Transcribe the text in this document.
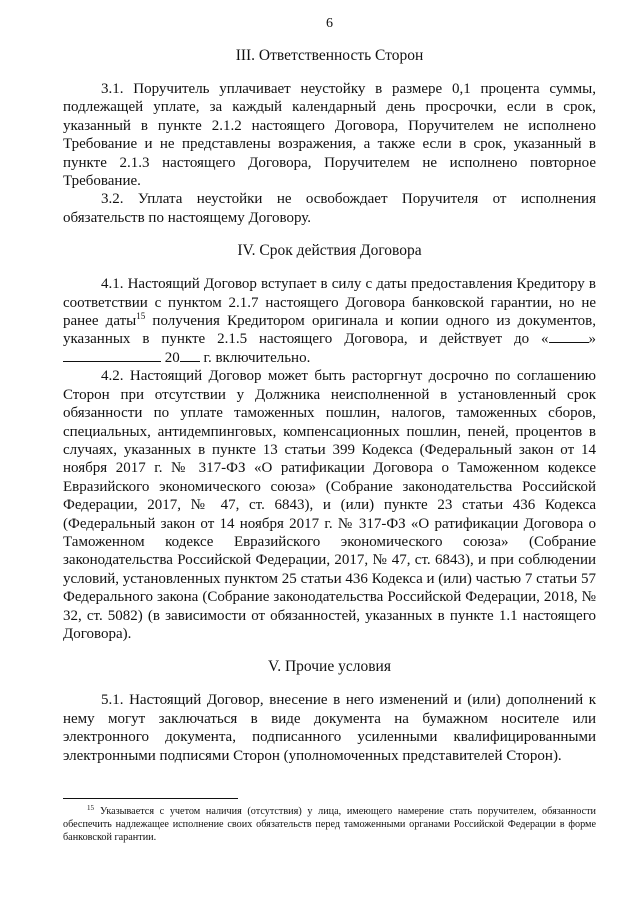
6
III. Ответственность Сторон

3.1. Поручитель уплачивает неустойку в размере 0,1 процента суммы, подлежащей уплате, за каждый календарный день просрочки, если в срок, указанный в пункте 2.1.2 настоящего Договора, Поручителем не исполнено Требование и не представлены возражения, а также если в срок, указанный в пункте 2.1.3 настоящего Договора, Поручителем не исполнено повторное Требование.

3.2. Уплата неустойки не освобождает Поручителя от исполнения обязательств по настоящему Договору.

IV. Срок действия Договора

4.1. Настоящий Договор вступает в силу с даты предоставления Кредитору в соответствии с пунктом 2.1.7 настоящего Договора банковской гарантии, но не ранее даты$^{15}$ получения Кредитором оригинала и копии одного из документов, указанных в пункте 2.1.5 настоящего Договора, и действует до «	»  20 г. включительно.

4.2. Настоящий Договор может быть расторгнут досрочно по соглашению Сторон при отсутствии у Должника неисполненной в установленный срок обязанности по уплате таможенных пошлин, налогов, таможенных сборов, специальных, антидемпинговых, компенсационных пошлин, пеней, процентов в случаях, указанных в пункте 13 статьи 399 Кодекса (Федеральный закон от 14 ноября 2017 г. № 317-ФЗ «О ратификации Договора о Таможенном кодексе Евразийского экономического союза» (Собрание законодательства Российской Федерации, 2017, № 47, ст. 6843), и (или) пункте 23 статьи 436 Кодекса (Федеральный закон от 14 ноября 2017 г. № 317-ФЗ «О ратификации Договора о Таможенном кодексе Евразийского экономического союза» (Собрание законодательства Российской Федерации, 2017, № 47, ст. 6843), и при соблюдении условий, установленных пунктом 25 статьи 436 Кодекса и (или) частью 7 статьи 57 Федерального закона (Собрание законодательства Российской Федерации, 2018, № 32, ст. 5082) (в зависимости от обязанностей, указанных в пункте 1.1 настоящего Договора).

V. Прочие условия

5.1. Настоящий Договор, внесение в него изменений и (или) дополнений к нему могут заключаться в виде документа на бумажном носителе или электронного документа, подписанного усиленными квалифицированными электронными подписями Сторон (уполномоченных представителей Сторон).

$^{15}$ Указывается с учетом наличия (отсутствия) у лица, имеющего намерение стать поручителем, обязанности обеспечить надлежащее исполнение своих обязательств перед таможенными органами Российской Федерации в форме банковской гарантии.
